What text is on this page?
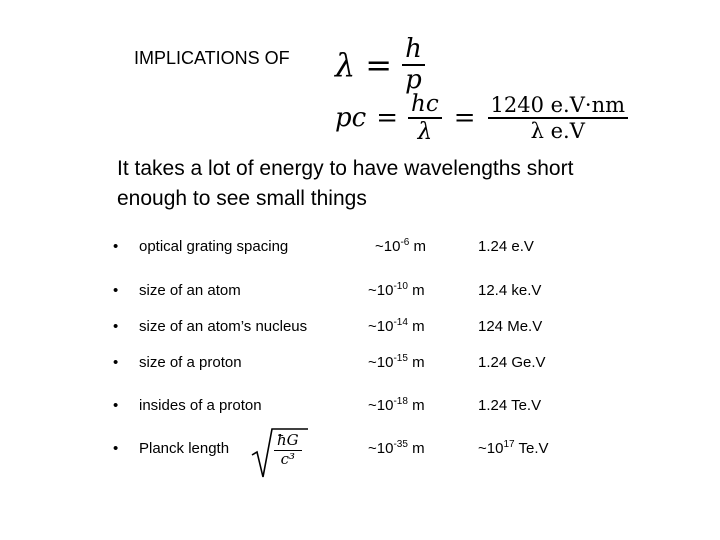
IMPLICATIONS OF $\lambda = \frac{h}{p}$
pc = $\frac{hc}{\lambda} = \frac{1240 e.V\cdot nm}{\text{λ e.V}}$
It takes a lot of energy to have wavelengths short enough to see small things
• optical grating spacing	$\sim 10^{-6}$ m	1.24 e.V
• size of an atom	$\sim 10^{-10}$ m	12.4 ke.V
• size of an atom’s nucleus	$\sim 10^{-14}$ m	124 Me.V
• size of a proton	$\sim 10^{-15}$ m	1.24 Ge.V
• insides of a proton	$\sim 10^{-18}$ m	1.24 Te.V
• Planck length	$\sim 10^{-35}$ m	$\sim 10^{17}$ Te.V
ħG
c³
